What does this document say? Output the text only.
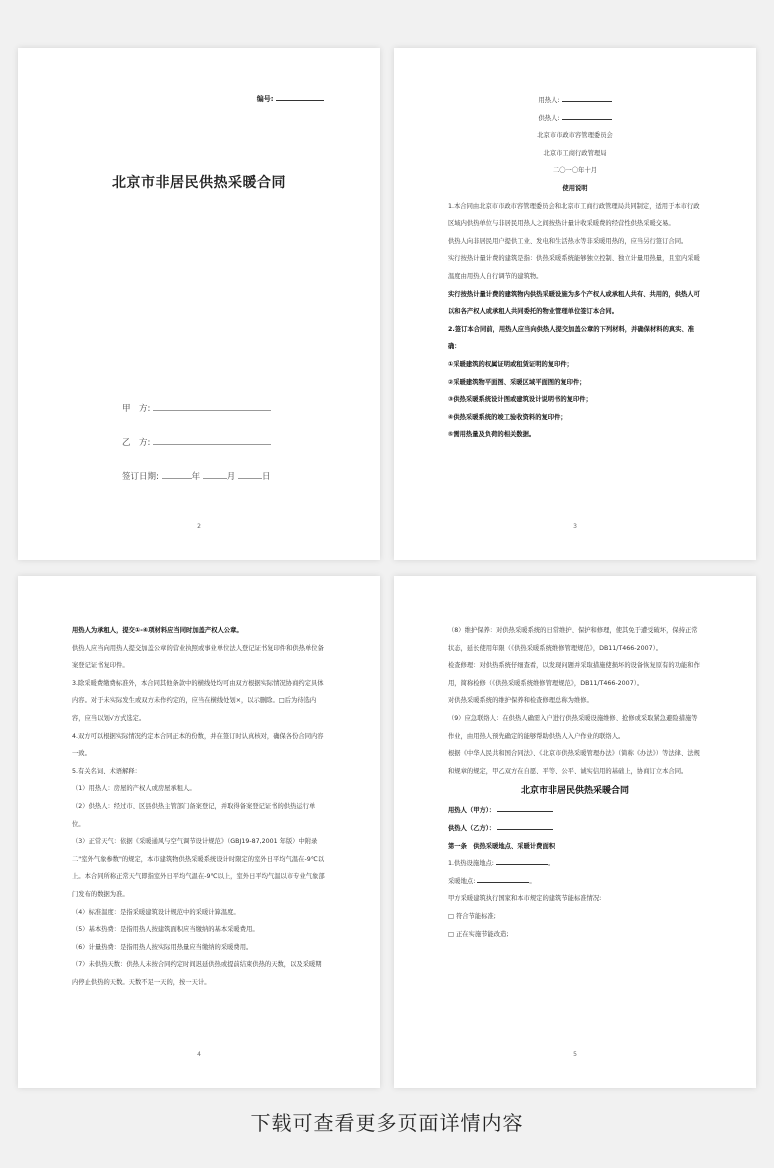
编号:
北京市非居民供热采暖合同
甲　方:
乙　方:
签订日期:	年	月	日
2

用热人:

供热人:

北京市市政市容管理委员会

北京市工商行政管理局

二〇一〇年十月

使用说明

1.本合同由北京市市政市容管理委员会和北京市工商行政管理局共同制定，适用于本市行政区域内供热单位与非居民用热人之间按热计量计收采暖费的经营性供热采暖交易。

供热人向非居民用户提供工业、发电和生活热水等非采暖用热的，应当另行签订合同。

实行按热计量计费的建筑是指：供热采暖系统能够独立控制、独立计量用热量，且室内采暖温度由用热人自行调节的建筑物。

实行按热计量计费的建筑物内供热采暖设施为多个产权人或承租人共有、共用的，供热人可以和各产权人或承租人共同委托的物业管理单位签订本合同。

2.签订本合同前，用热人应当向供热人提交加盖公章的下列材料，并确保材料的真实、准确：

①采暖建筑的权属证明或租赁证明的复印件；

②采暖建筑物平面图、采暖区域平面图的复印件；

③供热采暖系统设计图或建筑设计说明书的复印件；

④供热采暖系统的竣工验收资料的复印件；

⑤需用热量及负荷的相关数据。

3

用热人为承租人，提交①-④项材料应当同时加盖产权人公章。

供热人应当向用热人提交加盖公章的营业执照或事业单位法人登记证书复印件和供热单位备案登记证书复印件。

3.除采暖费缴费标准外，本合同其他条款中的横线处均可由双方根据实际情况协商约定具体内容。对于未实际发生或双方未作约定的，应当在横线处划×，以示删除。□后为待选内容，应当以划√方式选定。

4.双方可以根据实际情况约定本合同正本的份数，并在签订时认真核对，确保各份合同内容一致。

5.有关名词、术语解释：

（1）用热人：房屋的产权人或房屋承租人。

（2）供热人：经过市、区县供热主管部门备案登记，并取得备案登记证书的供热运行单位。

（3）正常天气：依据《采暖通风与空气调节设计规范》（GBJ19-87,2001 年版）中附录二"室外气象参数"的规定，本市建筑物供热采暖系统设计时限定的室外日平均气温在-9℃以上。本合同所称正常天气即指室外日平均气温在-9℃以上，室外日平均气温以市专业气象部门发布的数据为准。

（4）标准温度：是指采暖建筑设计规范中的采暖计算温度。

（5）基本热费：是指用热人按建筑面积应当缴纳的基本采暖费用。

（6）计量热费：是指用热人按实际用热量应当缴纳的采暖费用。

（7）未供热天数：供热人未按合同约定时间迟延供热或提前结束供热的天数，以及采暖期内停止供热的天数。天数不足一天的，按一天计。

4

（8）维护保养：对供热采暖系统的日常维护、保护和修理，使其免于遭受破坏，保持正常状态，延长使用年限（《供热采暖系统维修管理规范》，DB11/T466-2007）。

检查修理：对供热系统仔细查看，以发现问题并采取措施使损坏的设备恢复原有的功能和作用，简称检修（《供热采暖系统维修管理规范》，DB11/T466-2007）。

对供热采暖系统的维护保养和检查修理总称为维修。

（9）应急联络人：在供热人确需入户进行供热采暖设施维修、抢修或采取紧急避险措施等作业，由用热人预先确定的能够帮助供热人入户作业的联络人。

根据《中华人民共和国合同法》、《北京市供热采暖管理办法》（简称《办法》）等法律、法规和规章的规定，甲乙双方在自愿、平等、公平、诚实信用的基础上，协商订立本合同。

北京市非居民供热采暖合同

用热人（甲方）：

供热人（乙方）：

第一条　供热采暖地点、采暖计费面积

1.供热设施地点:	。

采暖地点:	。

甲方采暖建筑执行国家和本市规定的建筑节能标准情况:

□ 符合节能标准;

□ 正在实施节能改造;

5
下载可查看更多页面详情内容
